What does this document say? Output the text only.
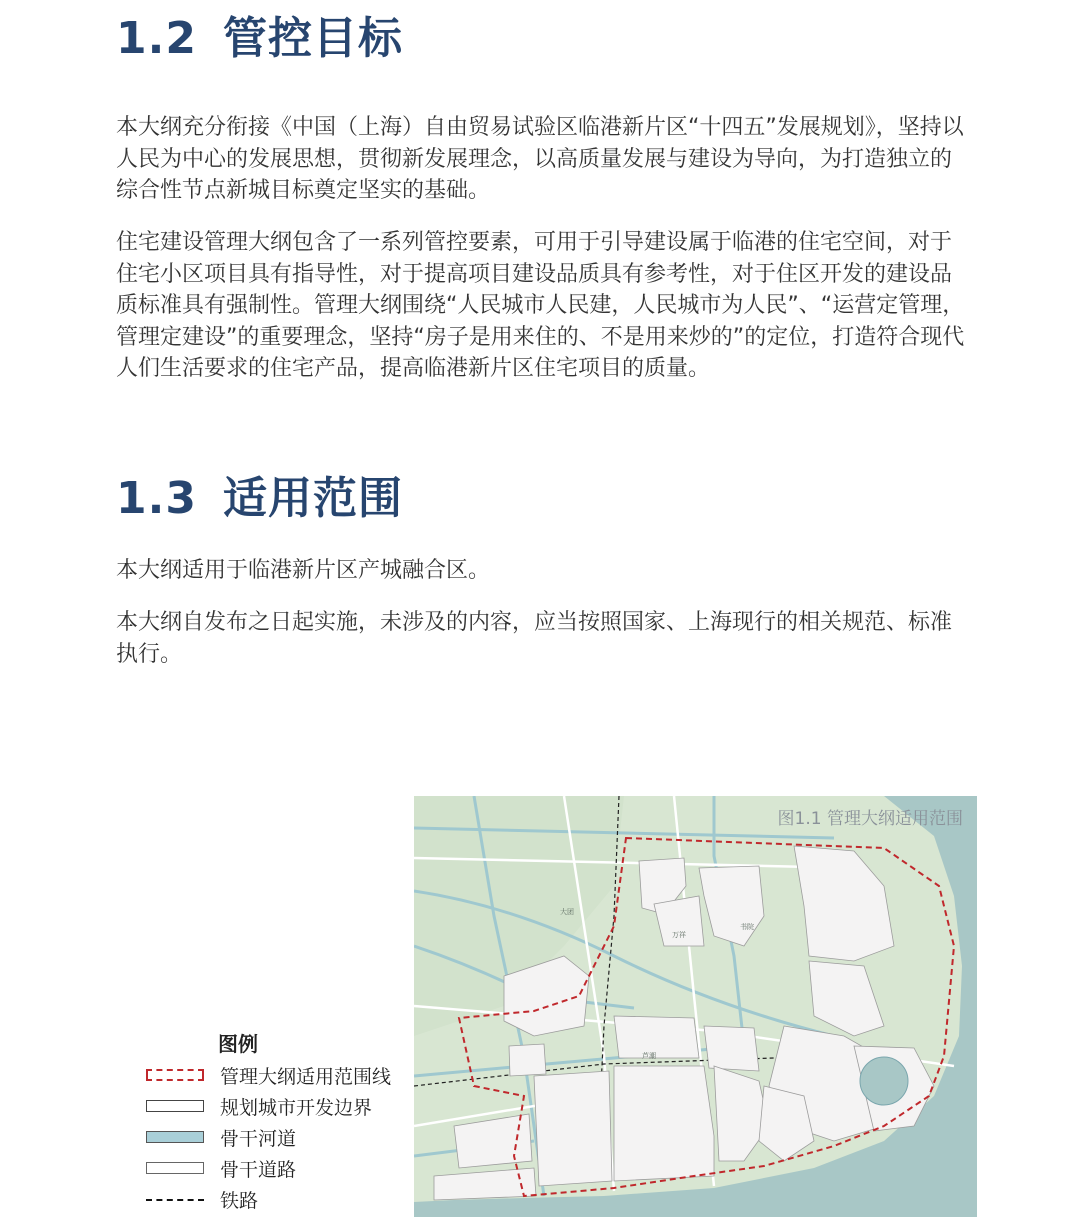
1.2 管控目标

本大纲充分衔接《中国（上海）自由贸易试验区临港新片区“十四五”发展规划》，坚持以人民为中心的发展思想，贯彻新发展理念，以高质量发展与建设为导向，为打造独立的综合性节点新城目标奠定坚实的基础。

住宅建设管理大纲包含了一系列管控要素，可用于引导建设属于临港的住宅空间，对于住宅小区项目具有指导性，对于提高项目建设品质具有参考性，对于住区开发的建设品质标准具有强制性。管理大纲围绕“人民城市人民建，人民城市为人民”、“运营定管理，管理定建设”的重要理念，坚持“房子是用来住的、不是用来炒的”的定位，打造符合现代人们生活要求的住宅产品，提高临港新片区住宅项目的质量。

1.3 适用范围

本大纲适用于临港新片区产城融合区。

本大纲自发布之日起实施，未涉及的内容，应当按照国家、上海现行的相关规范、标准执行。

图例
管理大纲适用范围线
规划城市开发边界
骨干河道
骨干道路
铁路
图1.1 管理大纲适用范围
大团
万祥
书院
芦潮
